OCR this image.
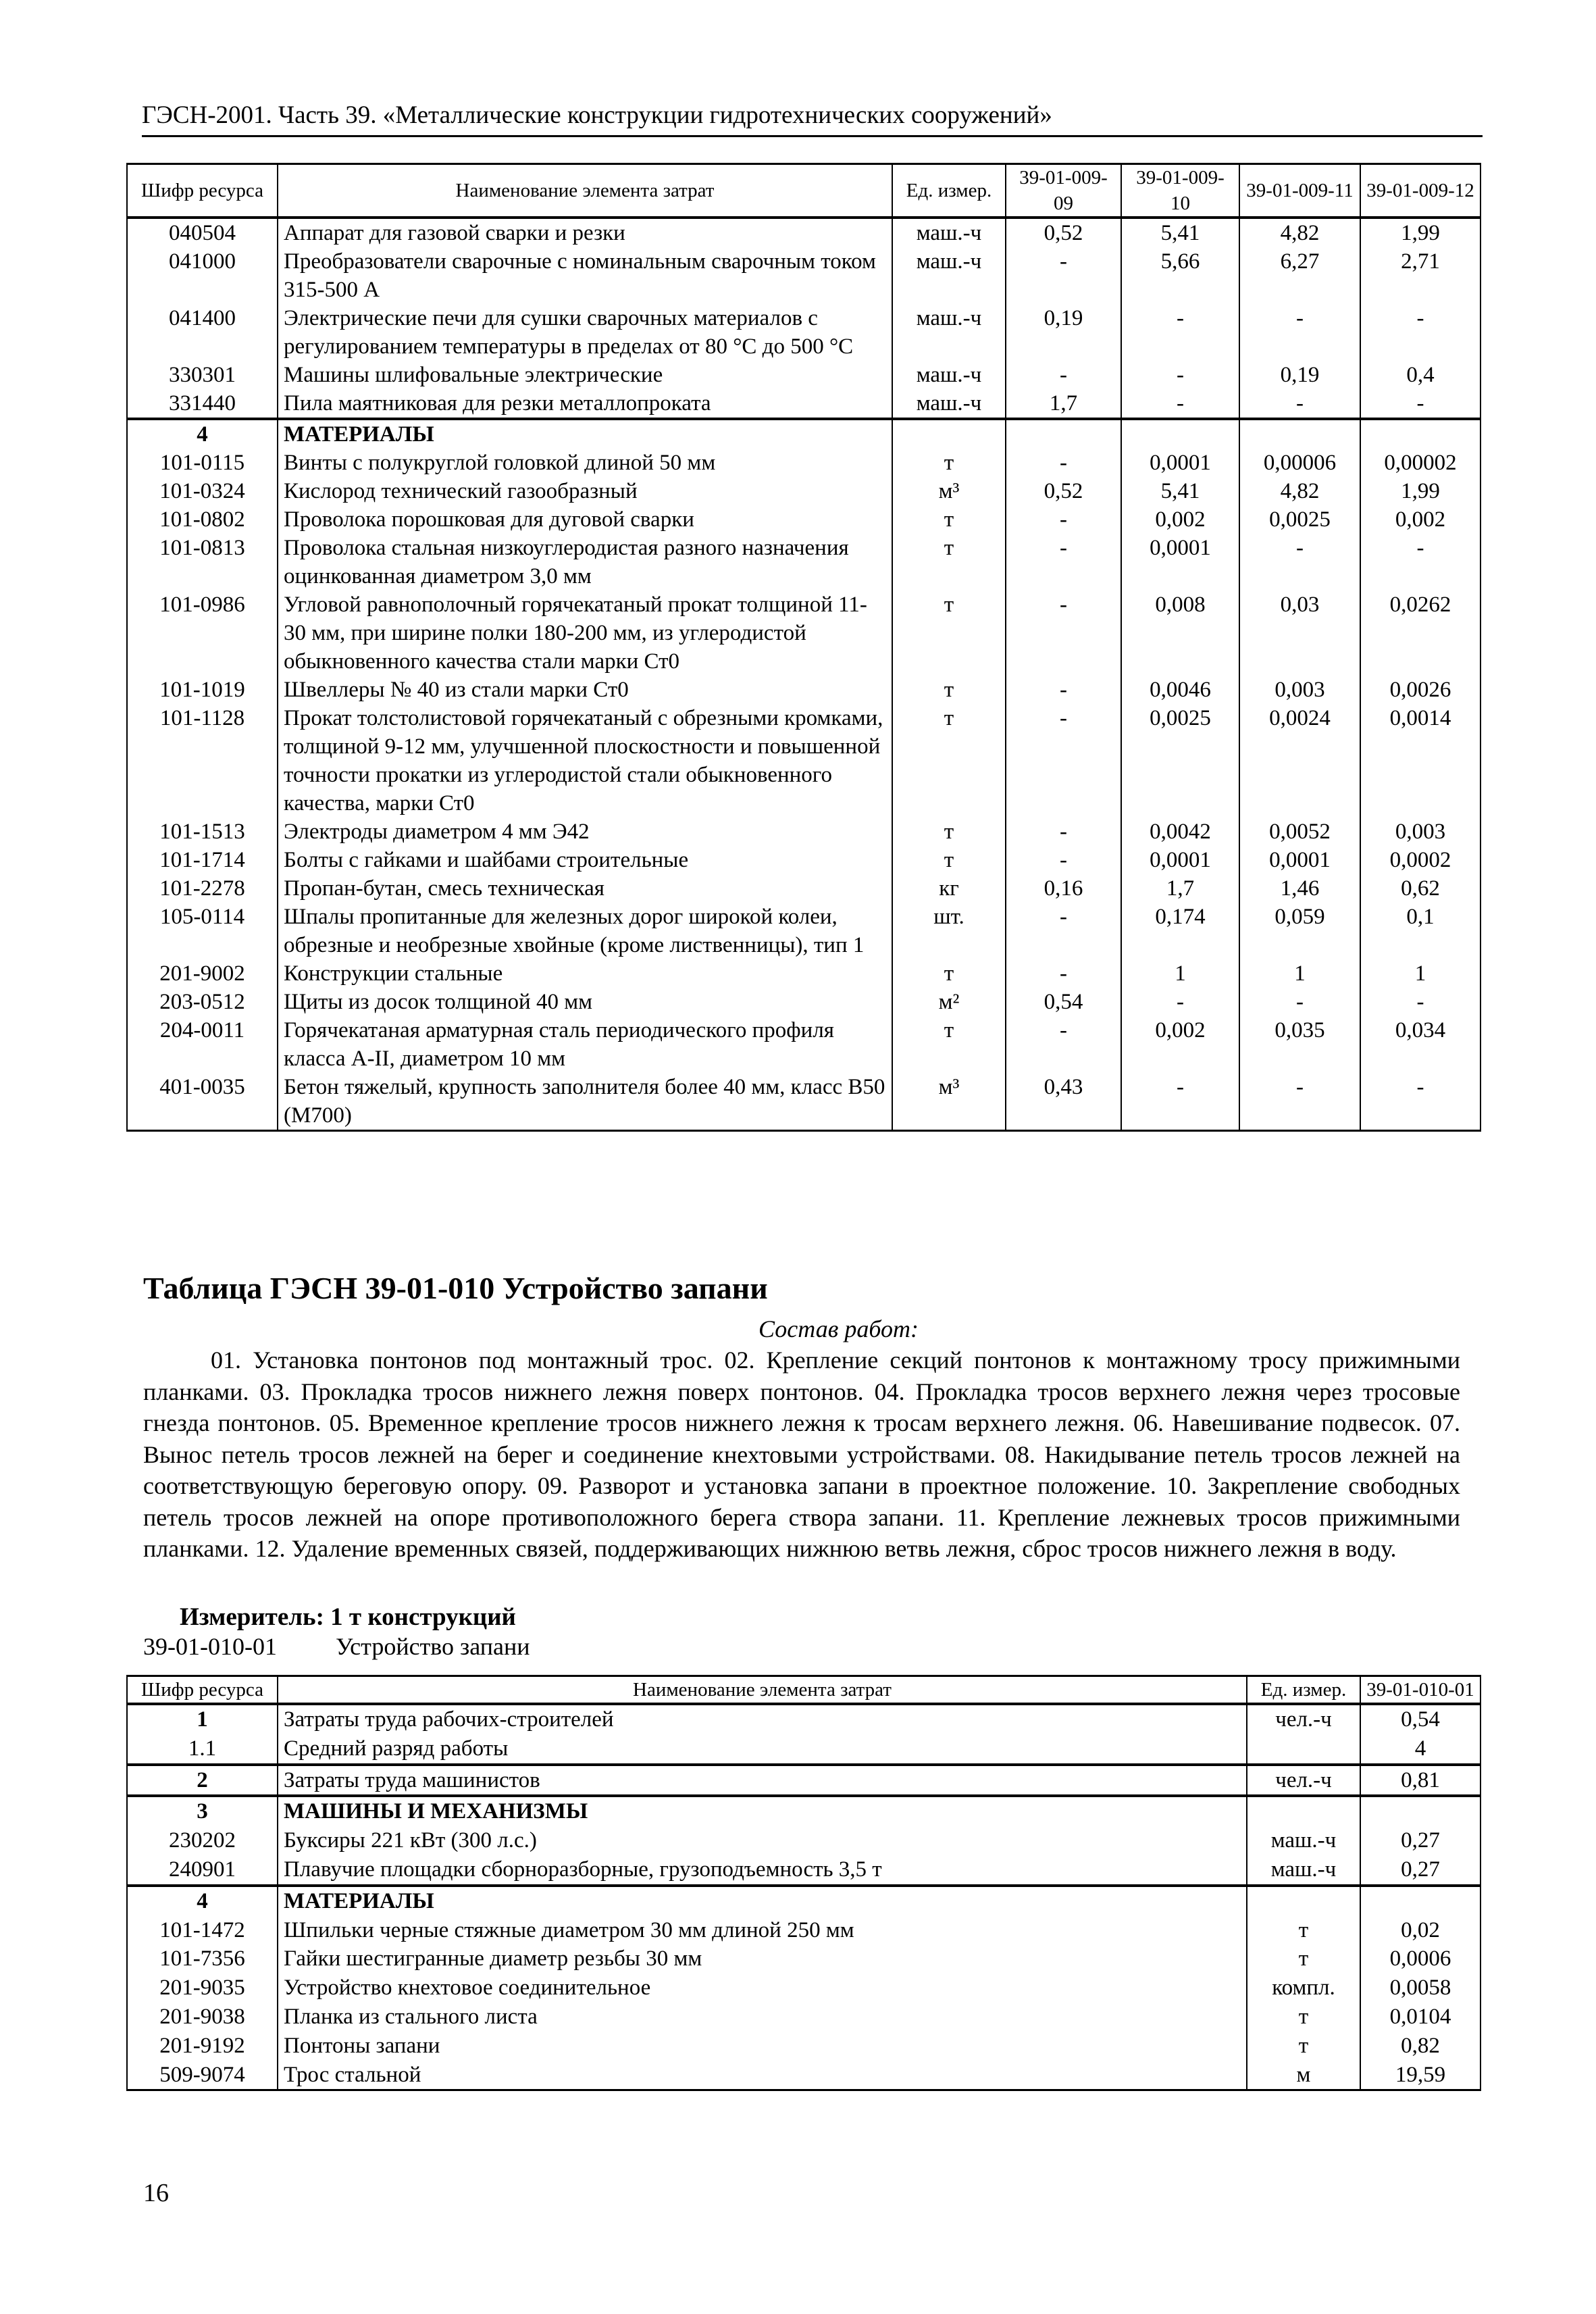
ГЭСН-2001. Часть 39. «Металлические конструкции гидротехнических сооружений»
Шифр ресурса	Наименование элемента затрат	Ед. измер.	39-01-009-09	39-01-009-10	39-01-009-11	39-01-009-12
040504	Аппарат для газовой сварки и резки	маш.-ч	0,52	5,41	4,82	1,99
041000	Преобразователи сварочные с номинальным сварочным током 315-500 А	маш.-ч	-	5,66	6,27	2,71
041400	Электрические печи для сушки сварочных материалов с регулированием температуры в пределах от 80 °С до 500 °С	маш.-ч	0,19	-	-	-
330301	Машины шлифовальные электрические	маш.-ч	-	-	0,19	0,4
331440	Пила маятниковая для резки металлопроката	маш.-ч	1,7	-	-	-
4	МАТЕРИАЛЫ					
101-0115	Винты с полукруглой головкой длиной 50 мм	т	-	0,0001	0,00006	0,00002
101-0324	Кислород технический газообразный	м³	0,52	5,41	4,82	1,99
101-0802	Проволока порошковая для дуговой сварки	т	-	0,002	0,0025	0,002
101-0813	Проволока стальная низкоуглеродистая разного назначения оцинкованная диаметром 3,0 мм	т	-	0,0001	-	-
101-0986	Угловой равнополочный горячекатаный прокат толщиной 11-30 мм, при ширине полки 180-200 мм, из углеродистой обыкновенного качества стали марки Ст0	т	-	0,008	0,03	0,0262
101-1019	Швеллеры № 40 из стали марки Ст0	т	-	0,0046	0,003	0,0026
101-1128	Прокат толстолистовой горячекатаный с обрезными кромками, толщиной 9-12 мм, улучшенной плоскостности и повышенной точности прокатки из углеродистой стали обыкновенного качества, марки Ст0	т	-	0,0025	0,0024	0,0014
101-1513	Электроды диаметром 4 мм Э42	т	-	0,0042	0,0052	0,003
101-1714	Болты с гайками и шайбами строительные	т	-	0,0001	0,0001	0,0002
101-2278	Пропан-бутан, смесь техническая	кг	0,16	1,7	1,46	0,62
105-0114	Шпалы пропитанные для железных дорог широкой колеи, обрезные и необрезные хвойные (кроме лиственницы), тип 1	шт.	-	0,174	0,059	0,1
201-9002	Конструкции стальные	т	-	1	1	1
203-0512	Щиты из досок толщиной 40 мм	м²	0,54	-	-	-
204-0011	Горячекатаная арматурная сталь периодического профиля класса А-II, диаметром 10 мм	т	-	0,002	0,035	0,034
401-0035	Бетон тяжелый, крупность заполнителя более 40 мм, класс В50 (М700)	м³	0,43	-	-	-
Таблица ГЭСН 39-01-010 Устройство запани
Состав работ:

01. Установка понтонов под монтажный трос. 02. Крепление секций понтонов к монтажному тросу прижимными планками. 03. Прокладка тросов нижнего лежня поверх понтонов. 04. Прокладка тросов верхнего лежня через тросовые гнезда понтонов. 05. Временное крепление тросов нижнего лежня к тросам верхнего лежня. 06. Навешивание подвесок. 07. Вынос петель тросов лежней на берег и соединение кнехтовыми устройствами. 08. Накидывание петель тросов лежней на соответствующую береговую опору. 09. Разворот и установка запани в проектное положение. 10. Закрепление свободных петель тросов лежней на опоре противоположного берега створа запани. 11. Крепление лежневых тросов прижимными планками. 12. Удаление временных связей, поддерживающих нижнюю ветвь лежня, сброс тросов нижнего лежня в воду.

Измеритель: 1 т конструкций
39-01-010-01 Устройство запани
Шифр ресурса	Наименование элемента затрат	Ед. измер.	39-01-010-01
1	Затраты труда рабочих-строителей	чел.-ч	0,54
1.1	Средний разряд работы		4
2	Затраты труда машинистов	чел.-ч	0,81
3	МАШИНЫ И МЕХАНИЗМЫ		
230202	Буксиры 221 кВт (300 л.с.)	маш.-ч	0,27
240901	Плавучие площадки сборноразборные, грузоподъемность 3,5 т	маш.-ч	0,27
4	МАТЕРИАЛЫ		
101-1472	Шпильки черные стяжные диаметром 30 мм длиной 250 мм	т	0,02
101-7356	Гайки шестигранные диаметр резьбы 30 мм	т	0,0006
201-9035	Устройство кнехтовое соединительное	компл.	0,0058
201-9038	Планка из стального листа	т	0,0104
201-9192	Понтоны запани	т	0,82
509-9074	Трос стальной	м	19,59
16
